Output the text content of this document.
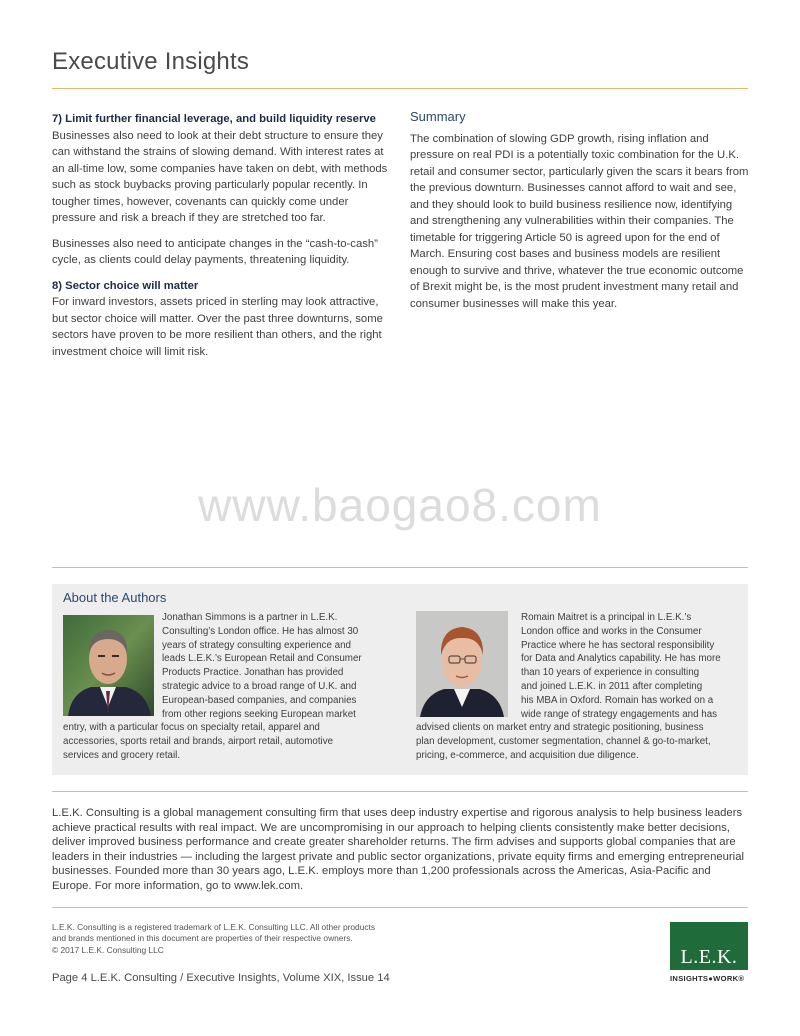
Executive Insights
7) Limit further financial leverage, and build liquidity reserve
Businesses also need to look at their debt structure to ensure they can withstand the strains of slowing demand. With interest rates at an all-time low, some companies have taken on debt, with methods such as stock buybacks proving particularly popular recently. In tougher times, however, covenants can quickly come under pressure and risk a breach if they are stretched too far.
Businesses also need to anticipate changes in the “cash-to-cash” cycle, as clients could delay payments, threatening liquidity.
8) Sector choice will matter
For inward investors, assets priced in sterling may look attractive, but sector choice will matter. Over the past three downturns, some sectors have proven to be more resilient than others, and the right investment choice will limit risk.
Summary
The combination of slowing GDP growth, rising inflation and pressure on real PDI is a potentially toxic combination for the U.K. retail and consumer sector, particularly given the scars it bears from the previous downturn. Businesses cannot afford to wait and see, and they should look to build business resilience now, identifying and strengthening any vulnerabilities within their companies. The timetable for triggering Article 50 is agreed upon for the end of March. Ensuring cost bases and business models are resilient enough to survive and thrive, whatever the true economic outcome of Brexit might be, is the most prudent investment many retail and consumer businesses will make this year.
www.baogao8.com
About the Authors
Jonathan Simmons is a partner in L.E.K.
Consulting’s London office. He has almost 30
years of strategy consulting experience and
leads L.E.K.’s European Retail and Consumer
Products Practice. Jonathan has provided
strategic advice to a broad range of U.K. and
European-based companies, and companies
from other regions seeking European market
entry, with a particular focus on specialty retail, apparel and
accessories, sports retail and brands, airport retail, automotive
services and grocery retail.
Romain Maitret is a principal in L.E.K.’s
London office and works in the Consumer
Practice where he has sectoral responsibility
for Data and Analytics capability. He has more
than 10 years of experience in consulting
and joined L.E.K. in 2011 after completing
his MBA in Oxford. Romain has worked on a
wide range of strategy engagements and has
advised clients on market entry and strategic positioning, business
plan development, customer segmentation, channel & go-to-market,
pricing, e-commerce, and acquisition due diligence.
L.E.K. Consulting is a global management consulting firm that uses deep industry expertise and rigorous analysis to help business leaders achieve practical results with real impact. We are uncompromising in our approach to helping clients consistently make better decisions, deliver improved business performance and create greater shareholder returns. The firm advises and supports global companies that are leaders in their industries — including the largest private and public sector organizations, private equity firms and emerging entrepreneurial businesses. Founded more than 30 years ago, L.E.K. employs more than 1,200 professionals across the Americas, Asia-Pacific and Europe. For more information, go to www.lek.com.
L.E.K. Consulting is a registered trademark of L.E.K. Consulting LLC. All other products
and brands mentioned in this document are properties of their respective owners.
© 2017 L.E.K. Consulting LLC
Page 4 L.E.K. Consulting / Executive Insights, Volume XIX, Issue 14
L.E.K.
INSIGHTS●WORK®
